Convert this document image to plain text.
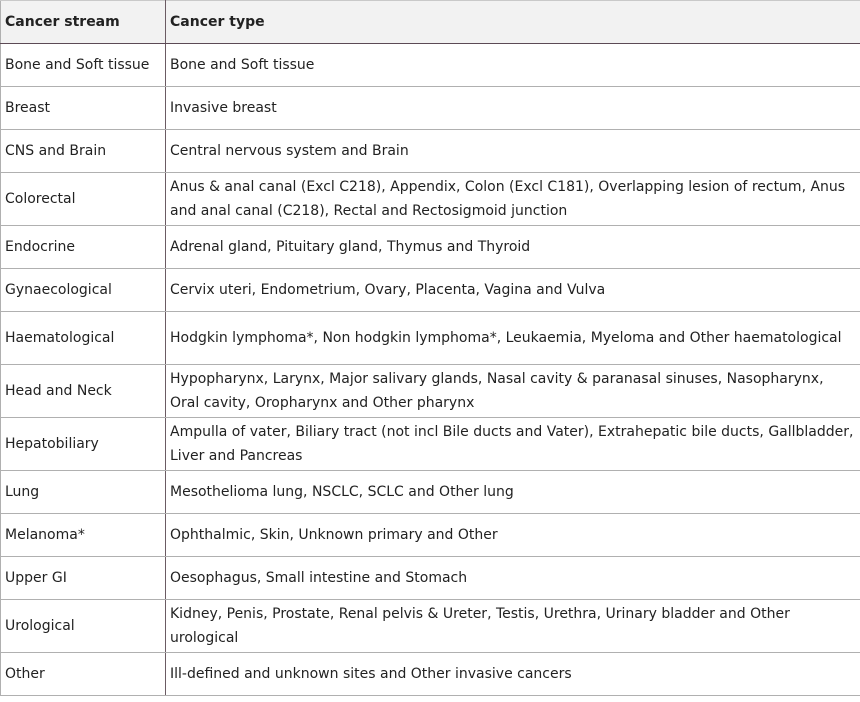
Cancer stream	Cancer type
Bone and Soft tissue	Bone and Soft tissue
Breast	Invasive breast
CNS and Brain	Central nervous system and Brain
Colorectal	Anus & anal canal (Excl C218), Appendix, Colon (Excl C181), Overlapping lesion of rectum, Anus and anal canal (C218), Rectal and Rectosigmoid junction
Endocrine	Adrenal gland, Pituitary gland, Thymus and Thyroid
Gynaecological	Cervix uteri, Endometrium, Ovary, Placenta, Vagina and Vulva
Haematological	Hodgkin lymphoma*, Non hodgkin lymphoma*, Leukaemia, Myeloma and Other haematological
Head and Neck	Hypopharynx, Larynx, Major salivary glands, Nasal cavity & paranasal sinuses, Nasopharynx, Oral cavity, Oropharynx and Other pharynx
Hepatobiliary	Ampulla of vater, Biliary tract (not incl Bile ducts and Vater), Extrahepatic bile ducts, Gallbladder, Liver and Pancreas
Lung	Mesothelioma lung, NSCLC, SCLC and Other lung
Melanoma*	Ophthalmic, Skin, Unknown primary and Other
Upper GI	Oesophagus, Small intestine and Stomach
Urological	Kidney, Penis, Prostate, Renal pelvis & Ureter, Testis, Urethra, Urinary bladder and Other urological
Other	Ill-defined and unknown sites and Other invasive cancers
